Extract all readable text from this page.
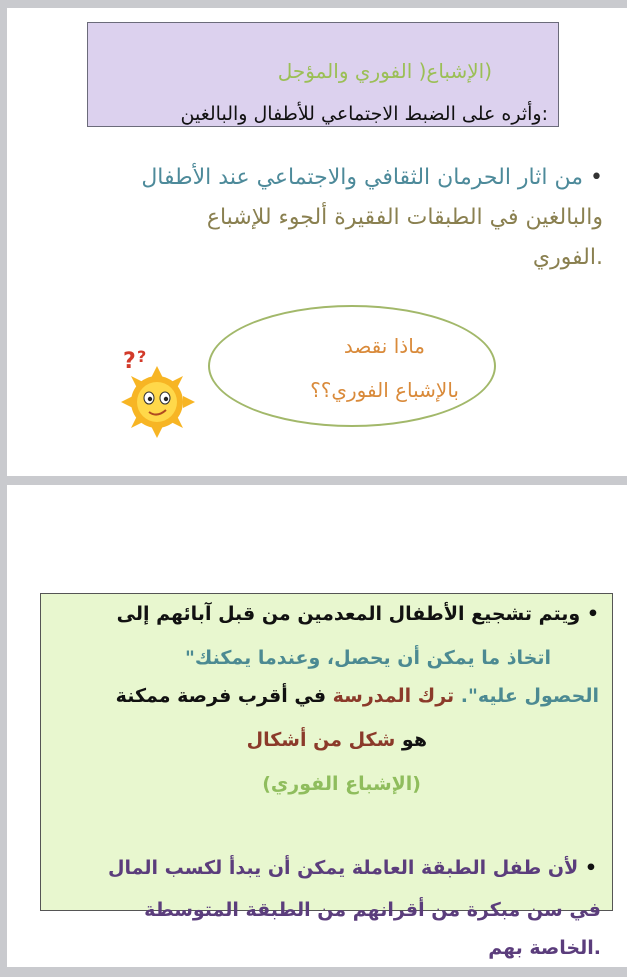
(الإشباع( الفوري والمؤجل
:وأثره على الضبط الاجتماعي للأطفال والبالغين
• من اثار الحرمان الثقافي والاجتماعي عند الأطفال
والبالغين في الطبقات الفقيرة ألجوء للإشباع
.الفوري
ماذا نقصد
بالإشباع الفوري؟؟
? ?
• ويتم تشجيع الأطفال المعدمين من قبل آبائهم إلى
اتخاذ ما يمكن أن يحصل، وعندما يمكنك"
الحصول عليه". ترك المدرسة في أقرب فرصة ممكنة
هو شكل من أشكال
(الإشباع الفوري)
• لأن طفل الطبقة العاملة يمكن أن يبدأ لكسب المال
في سن مبكرة من أقرانهم من الطبقة المتوسطة
.الخاصة بهم
